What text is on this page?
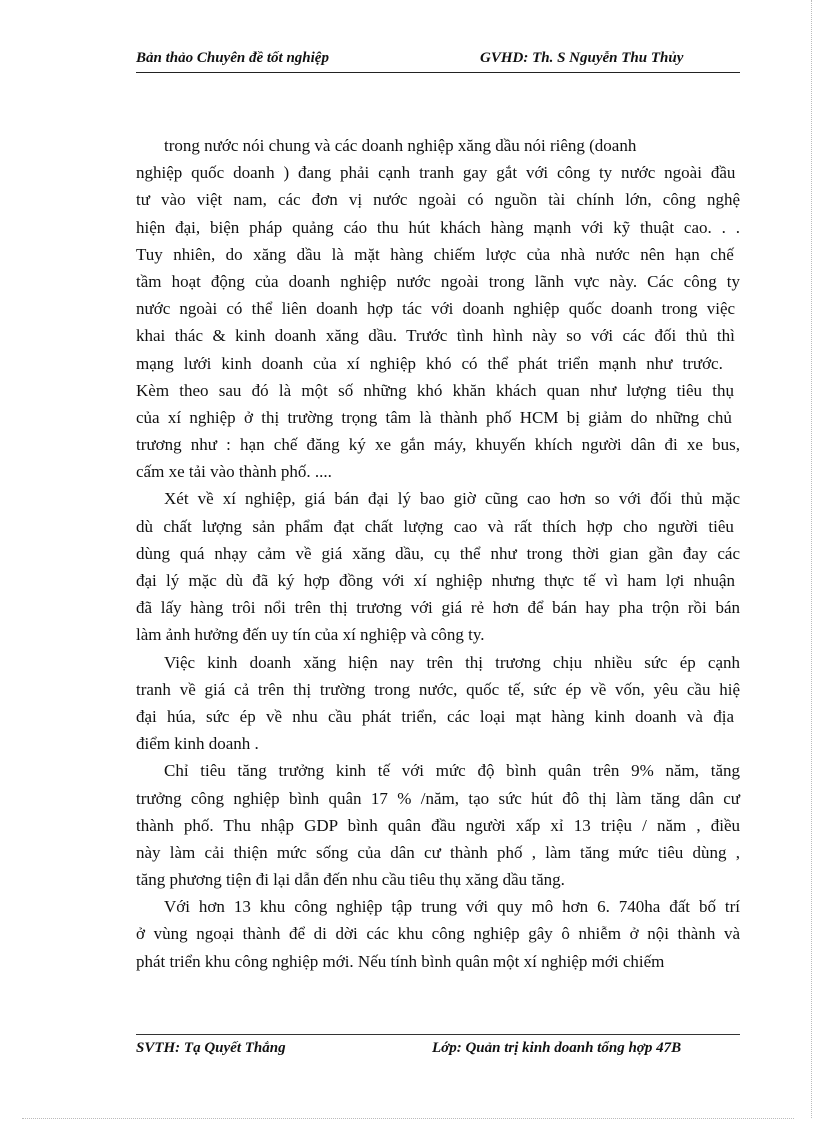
Bản thảo Chuyên đề tốt nghiệp	GVHD: Th. S Nguyễn Thu Thủy
trong nước nói chung và các doanh nghiệp xăng dầu nói riêng (doanh
nghiệp quốc doanh ) đang phải cạnh tranh gay gắt với công ty nước ngoài đầu
tư vào việt nam, các đơn vị nước ngoài có nguồn tài chính lớn, công nghệ
hiện đại, biện pháp quảng cáo thu hút khách hàng mạnh với kỹ thuật cao. . .
Tuy nhiên, do xăng dầu là mặt hàng chiếm lược của nhà nước nên hạn chế
tầm hoạt động của doanh nghiệp nước ngoài trong lãnh vực này. Các công ty
nước ngoài có thể liên doanh hợp tác với doanh nghiệp quốc doanh trong việc
khai thác & kinh doanh xăng dầu. Trước tình hình này so với các đối thủ thì
mạng lưới kinh doanh của xí nghiệp khó có thể phát triển mạnh như trước.
Kèm theo sau đó là một số những khó khăn khách quan như lượng tiêu thụ
của xí nghiệp ở thị trường trọng tâm là thành phố HCM bị giảm do những chủ
trương như : hạn chế đăng ký xe gắn máy, khuyến khích người dân đi xe bus,
cấm xe tải vào thành phố. ....
Xét về xí nghiệp, giá bán đại lý bao giờ cũng cao hơn so với đối thủ mặc
dù chất lượng sản phẩm đạt chất lượng cao và rất thích hợp cho người tiêu
dùng quá nhạy cảm về giá xăng dầu, cụ thể như trong thời gian gần đay các
đại lý mặc dù đã ký hợp đồng với xí nghiệp nhưng thực tế vì ham lợi nhuận
đã lấy hàng trôi nổi trên thị trương với giá rẻ hơn để bán hay pha trộn rồi bán
làm ảnh hưởng đến uy tín của xí nghiệp và công ty.
Việc kinh doanh xăng hiện nay trên thị trương chịu nhiều sức ép cạnh
tranh về giá cả trên thị trường trong nước, quốc tế, sức ép về vốn, yêu cầu hiệ
đại húa, sức ép về nhu cầu phát triển, các loại mạt hàng kinh doanh và địa
điểm kinh doanh .
Chỉ tiêu tăng trưởng kinh tế với mức độ bình quân trên 9% năm, tăng
trưởng công nghiệp bình quân 17 % /năm, tạo sức hút đô thị làm tăng dân cư
thành phố. Thu nhập GDP bình quân đầu người xấp xỉ 13 triệu / năm , điều
này làm cải thiện mức sống của dân cư thành phố , làm tăng mức tiêu dùng ,
tăng phương tiện đi lại dẫn đến nhu cầu tiêu thụ xăng dầu tăng.
Với hơn 13 khu công nghiệp tập trung với quy mô hơn 6. 740ha đất bố trí
ở vùng ngoại thành để di dời các khu công nghiệp gây ô nhiễm ở nội thành và
phát triển khu công nghiệp mới. Nếu tính bình quân một xí nghiệp mới chiếm
SVTH: Tạ Quyết Thắng	Lớp: Quản trị kinh doanh tổng hợp 47B
